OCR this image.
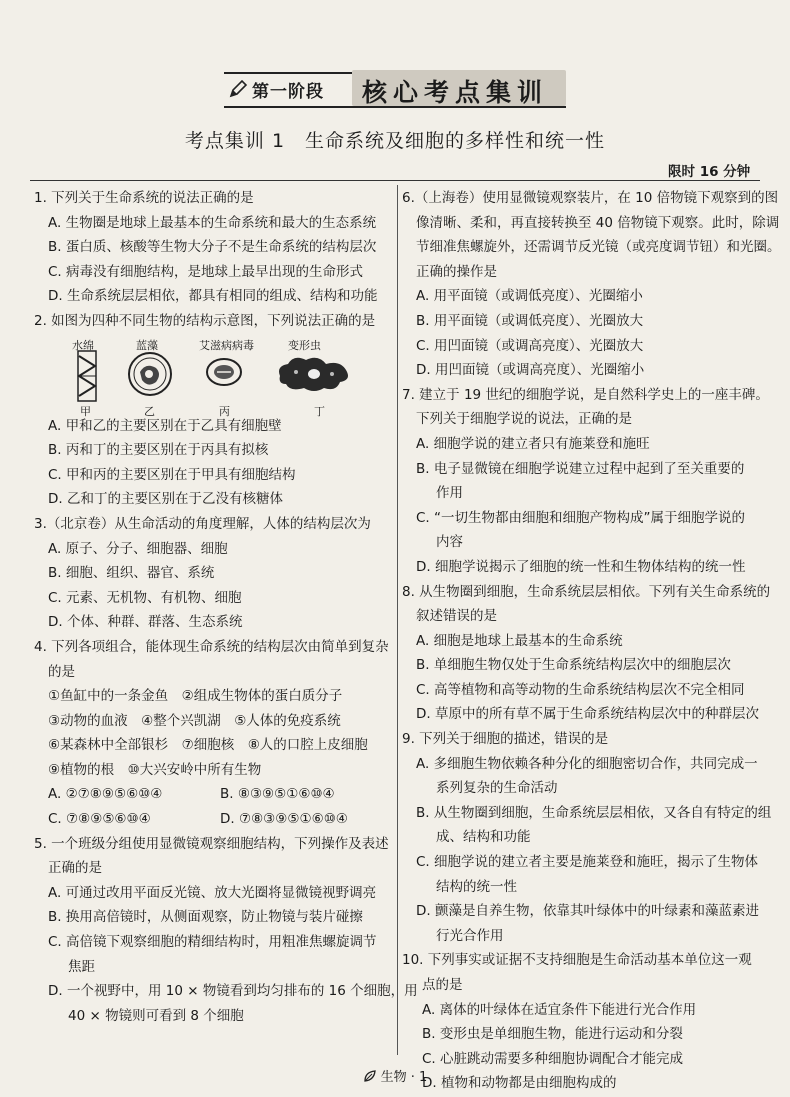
第一阶段 核心考点集训
考点集训 1　生命系统及细胞的多样性和统一性
限时 16 分钟
1. 下列关于生命系统的说法正确的是
A. 生物圈是地球上最基本的生命系统和最大的生态系统
B. 蛋白质、核酸等生物大分子不是生命系统的结构层次
C. 病毒没有细胞结构，是地球上最早出现的生命形式
D. 生命系统层层相依，都具有相同的组成、结构和功能
2. 如图为四种不同生物的结构示意图，下列说法正确的是
水绵	蓝藻	艾滋病病毒	变形虫
甲	乙	丙	丁
A. 甲和乙的主要区别在于乙具有细胞壁
B. 丙和丁的主要区别在于丙具有拟核
C. 甲和丙的主要区别在于甲具有细胞结构
D. 乙和丁的主要区别在于乙没有核糖体
3.（北京卷）从生命活动的角度理解，人体的结构层次为
A. 原子、分子、细胞器、细胞
B. 细胞、组织、器官、系统
C. 元素、无机物、有机物、细胞
D. 个体、种群、群落、生态系统
4. 下列各项组合，能体现生命系统的结构层次由简单到复杂
的是
①鱼缸中的一条金鱼　②组成生物体的蛋白质分子
③动物的血液　④整个兴凯湖　⑤人体的免疫系统
⑥某森林中全部银杉　⑦细胞核　⑧人的口腔上皮细胞
⑨植物的根　⑩大兴安岭中所有生物
A. ②⑦⑧⑨⑤⑥⑩④	B. ⑧③⑨⑤①⑥⑩④
C. ⑦⑧⑨⑤⑥⑩④	D. ⑦⑧③⑨⑤①⑥⑩④
5. 一个班级分组使用显微镜观察细胞结构，下列操作及表述
正确的是
A. 可通过改用平面反光镜、放大光圈将显微镜视野调亮
B. 换用高倍镜时，从侧面观察，防止物镜与装片碰擦
C. 高倍镜下观察细胞的精细结构时，用粗准焦螺旋调节
焦距
D. 一个视野中，用 10 × 物镜看到均匀排布的 16 个细胞，用
40 × 物镜则可看到 8 个细胞
6.（上海卷）使用显微镜观察装片，在 10 倍物镜下观察到的图
像清晰、柔和，再直接转换至 40 倍物镜下观察。此时，除调
节细准焦螺旋外，还需调节反光镜（或亮度调节钮）和光圈。
正确的操作是
A. 用平面镜（或调低亮度）、光圈缩小
B. 用平面镜（或调低亮度）、光圈放大
C. 用凹面镜（或调高亮度）、光圈放大
D. 用凹面镜（或调高亮度）、光圈缩小
7. 建立于 19 世纪的细胞学说，是自然科学史上的一座丰碑。
下列关于细胞学说的说法，正确的是
A. 细胞学说的建立者只有施莱登和施旺
B. 电子显微镜在细胞学说建立过程中起到了至关重要的
作用
C. “一切生物都由细胞和细胞产物构成”属于细胞学说的
内容
D. 细胞学说揭示了细胞的统一性和生物体结构的统一性
8. 从生物圈到细胞，生命系统层层相依。下列有关生命系统的
叙述错误的是
A. 细胞是地球上最基本的生命系统
B. 单细胞生物仅处于生命系统结构层次中的细胞层次
C. 高等植物和高等动物的生命系统结构层次不完全相同
D. 草原中的所有草不属于生命系统结构层次中的种群层次
9. 下列关于细胞的描述，错误的是
A. 多细胞生物依赖各种分化的细胞密切合作，共同完成一
系列复杂的生命活动
B. 从生物圈到细胞，生命系统层层相依，又各自有特定的组
成、结构和功能
C. 细胞学说的建立者主要是施莱登和施旺，揭示了生物体
结构的统一性
D. 颤藻是自养生物，依靠其叶绿体中的叶绿素和藻蓝素进
行光合作用
10. 下列事实或证据不支持细胞是生命活动基本单位这一观
点的是
A. 离体的叶绿体在适宜条件下能进行光合作用
B. 变形虫是单细胞生物，能进行运动和分裂
C. 心脏跳动需要多种细胞协调配合才能完成
D. 植物和动物都是由细胞构成的
生物 · 1
